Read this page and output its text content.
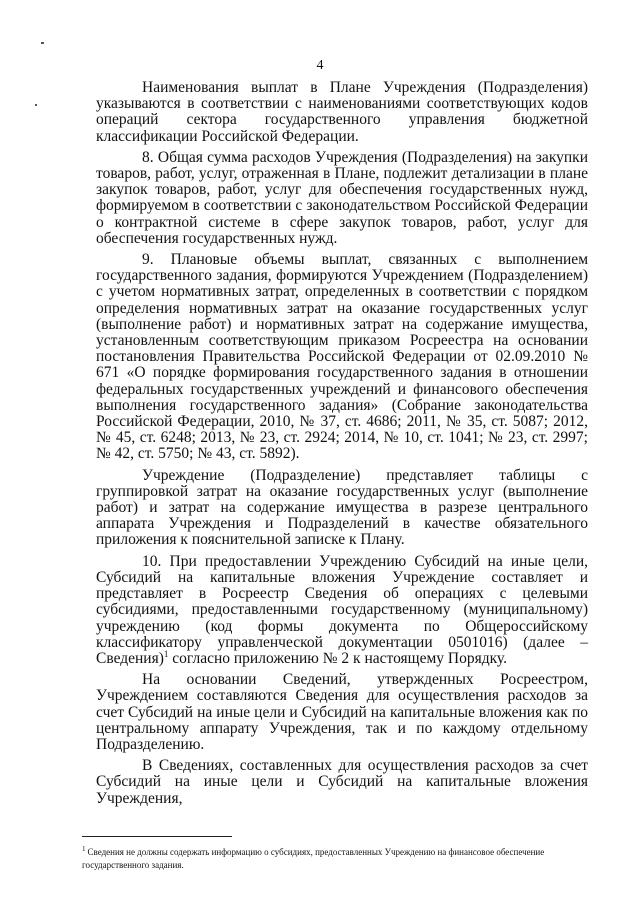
4

Наименования выплат в Плане Учреждения (Подразделения) указываются в соответствии с наименованиями соответствующих кодов операций сектора государственного управления бюджетной классификации Российской Федерации.

8. Общая сумма расходов Учреждения (Подразделения) на закупки товаров, работ, услуг, отраженная в Плане, подлежит детализации в плане закупок товаров, работ, услуг для обеспечения государственных нужд, формируемом в соответствии с законодательством Российской Федерации о контрактной системе в сфере закупок товаров, работ, услуг для обеспечения государственных нужд.

9. Плановые объемы выплат, связанных с выполнением государственного задания, формируются Учреждением (Подразделением) с учетом нормативных затрат, определенных в соответствии с порядком определения нормативных затрат на оказание государственных услуг (выполнение работ) и нормативных затрат на содержание имущества, установленным соответствующим приказом Росреестра на основании постановления Правительства Российской Федерации от 02.09.2010 № 671 «О порядке формирования государственного задания в отношении федеральных государственных учреждений и финансового обеспечения выполнения государственного задания» (Собрание законодательства Российской Федерации, 2010, № 37, ст. 4686; 2011, № 35, ст. 5087; 2012, № 45, ст. 6248; 2013, № 23, ст. 2924; 2014, № 10, ст. 1041; № 23, ст. 2997; № 42, ст. 5750; № 43, ст. 5892).

Учреждение (Подразделение) представляет таблицы с группировкой затрат на оказание государственных услуг (выполнение работ) и затрат на содержание имущества в разрезе центрального аппарата Учреждения и Подразделений в качестве обязательного приложения к пояснительной записке к Плану.

10. При предоставлении Учреждению Субсидий на иные цели, Субсидий на капитальные вложения Учреждение составляет и представляет в Росреестр Сведения об операциях с целевыми субсидиями, предоставленными государственному (муниципальному) учреждению (код формы документа по Общероссийскому классификатору управленческой документации 0501016) (далее – Сведения)$^1$ согласно приложению № 2 к настоящему Порядку.

На основании Сведений, утвержденных Росреестром, Учреждением составляются Сведения для осуществления расходов за счет Субсидий на иные цели и Субсидий на капитальные вложения как по центральному аппарату Учреждения, так и по каждому отдельному Подразделению.

В Сведениях, составленных для осуществления расходов за счет Субсидий на иные цели и Субсидий на капитальные вложения Учреждения,

$^1$ Сведения не должны содержать информацию о субсидиях, предоставленных Учреждению на финансовое обеспечение государственного задания.
